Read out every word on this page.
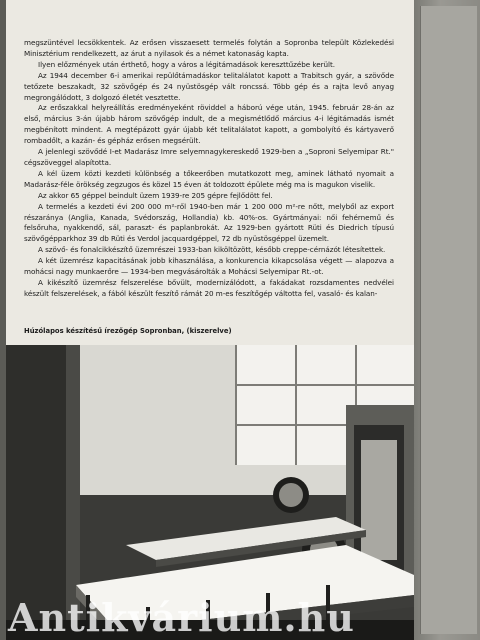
megszüntével lecsökkentek. Az erősen visszaesett termelés folytán a Sopronba települt Közlekedési Minisztérium rendelkezett, az árut a nyilasok és a német katonaság kapta.

Ilyen előzmények után érthető, hogy a város a légitámadások kereszttűzébe került.

Az 1944 december 6-i amerikai repülőtámadáskor telitalálatot kapott a Trabitsch gyár, a szövőde tetőzete beszakadt, 32 szövőgép és 24 nyüstösgép vált roncssá. Több gép és a rajta levő anyag megrongálódott, 3 dolgozó életét vesztette.

Az erőszakkal helyreállítás eredményeként röviddel a háború vége után, 1945. február 28-án az első, március 3-án újabb három szövőgép indult, de a megismétlődő március 4-i légitámadás ismét megbénított mindent. A megtépázott gyár újabb két telitalálatot kapott, a gombolyító és kártyaverő rombadőlt, a kazán- és gépház erősen megsérült.

A jelenlegi szövődé I-et Madarász Imre selyemnagykereskedő 1929-ben a „Soproni Selyemipar Rt." cégszöveggel alapította.

A kél üzem közti kezdeti különbség a tőkeerőben mutatkozott meg, aminek látható nyomait a Madarász-féle örökség zegzugos és közel 15 éven át toldozott épülete még ma is magukon viselik.

Az akkor 65 géppel beindult üzem 1939-re 205 gépre fejlődött fel.

A termelés a kezdeti évi 200 000 m²-ről 1940-ben már 1 200 000 m²-re nőtt, melyből az export részaránya (Anglia, Kanada, Svédország, Hollandia) kb. 40%-os. Gyártmányai: női fehérnemű és felsőruha, nyakkendő, sál, paraszt- és paplanbrokát. Az 1929-ben gyártott Rüti és Diedrich típusú szövőgépparkhoz 39 db Rüti és Verdol jacquardgéppel, 72 db nyüstösgéppel üzemelt.

A szövő- és fonalcikkészítő üzemrészei 1933-ban kiköltözött, később creppe-cérnázót létesítettek.

A két üzemrész kapacitásának jobb kihasználása, a konkurencia kikapcsolása végett — alapozva a mohácsi nagy munkaerőre — 1934-ben megvásárolták a Mohácsi Selyemipar Rt.-ot.

A kikészítő üzemrész felszerelése bővült, modernizálódott, a fakádakat rozsdamentes nedvélei készült felszerelések, a fából készült feszítő rámát 20 m-es feszítőgép váltotta fel, vasaló- és kalan-

Húzólapos készítésű írezőgép Sopronban, (kiszerelve)
Antikvárium.hu
